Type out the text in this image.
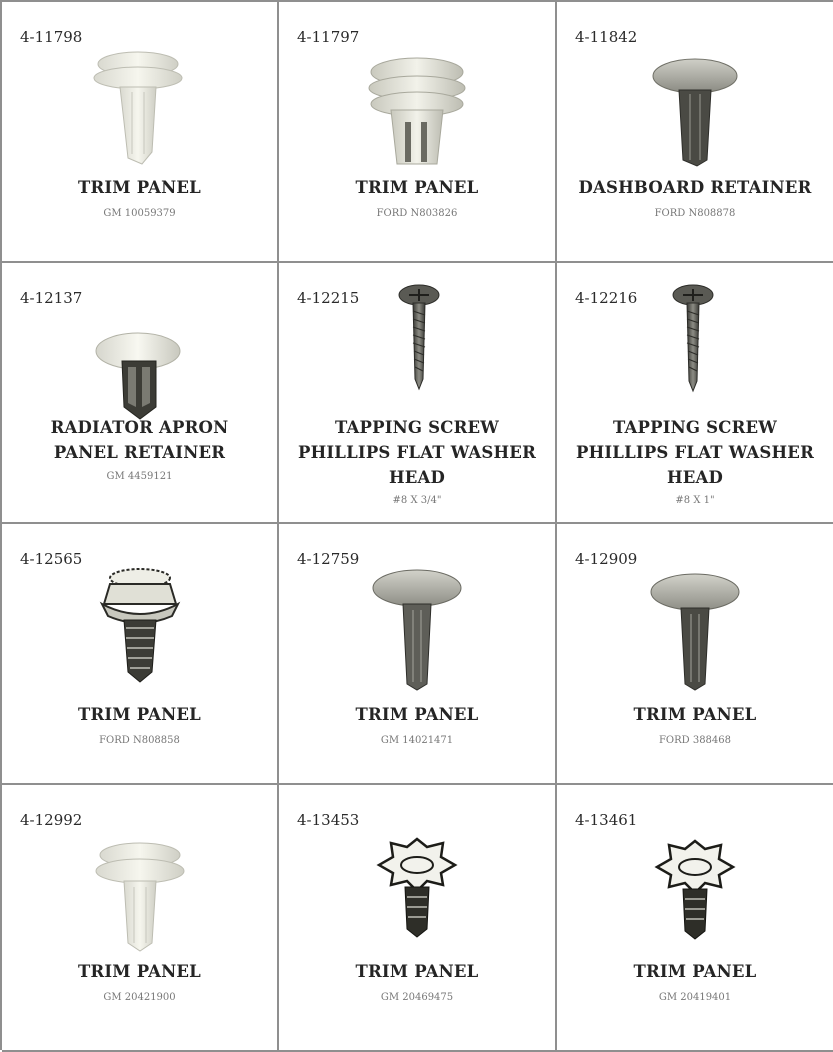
4-11798
TRIM PANEL
GM 10059379
4-11797
TRIM PANEL
FORD N803826
4-11842
DASHBOARD RETAINER
FORD N808878
4-12137
RADIATOR APRON
PANEL RETAINER
GM 4459121
4-12215
TAPPING SCREW
PHILLIPS FLAT WASHER
HEAD
#8 X 3/4"
4-12216
TAPPING SCREW
PHILLIPS FLAT WASHER
HEAD
#8 X 1"
4-12565
TRIM PANEL
FORD N808858
4-12759
TRIM PANEL
GM 14021471
4-12909
TRIM PANEL
FORD 388468
4-12992
TRIM PANEL
GM 20421900
4-13453
TRIM PANEL
GM 20469475
4-13461
TRIM PANEL
GM 20419401
